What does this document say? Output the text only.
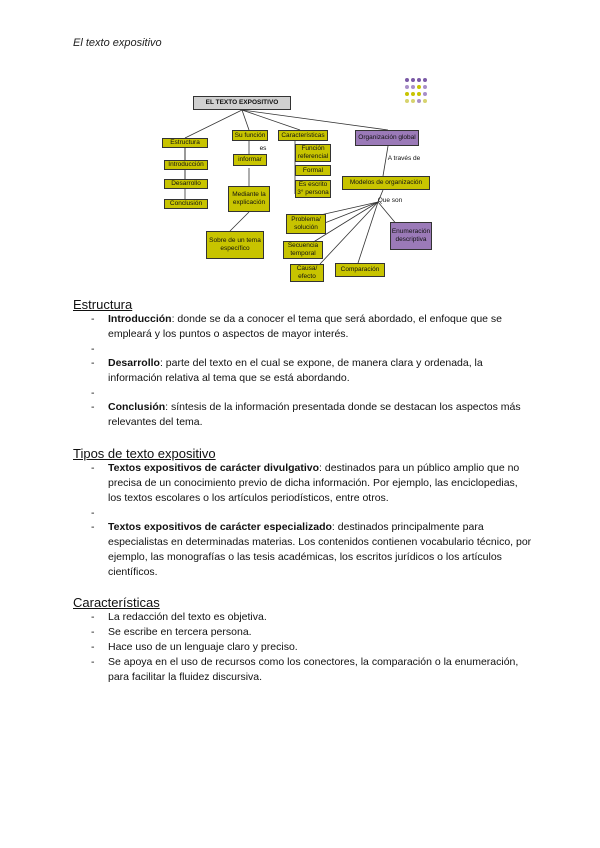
El texto expositivo
EL TEXTO EXPOSITIVO
Estructura
Introducción
Desarrollo
Conclusión
Su función
es
informar
Mediante la explicación
Sobre de un tema específico
Características
Función referencial
Formal
Es escrito 3° persona
Organización global
A través de
Modelos de organización
Que son
Problema/ solución
Secuencia temporal
Causa/ efecto
Comparación
Enumeración descriptiva
Estructura
- Introducción: donde se da a conocer el tema que será abordado, el enfoque que se empleará y los puntos o aspectos de mayor interés.
-
- Desarrollo: parte del texto en el cual se expone, de manera clara y ordenada, la información relativa al tema que se está abordando.
-
- Conclusión: síntesis de la información presentada donde se destacan los aspectos más relevantes del tema.
Tipos de texto expositivo
- Textos expositivos de carácter divulgativo: destinados para un público amplio que no precisa de un conocimiento previo de dicha información. Por ejemplo, las enciclopedias, los textos escolares o los artículos periodísticos, entre otros.
-
- Textos expositivos de carácter especializado: destinados principalmente para especialistas en determinadas materias. Los contenidos contienen vocabulario técnico, por ejemplo, las monografías o las tesis académicas, los escritos jurídicos o los artículos científicos.
Características
- La redacción del texto es objetiva.
- Se escribe en tercera persona.
- Hace uso de un lenguaje claro y preciso.
- Se apoya en el uso de recursos como los conectores, la comparación o la enumeración, para facilitar la fluidez discursiva.
